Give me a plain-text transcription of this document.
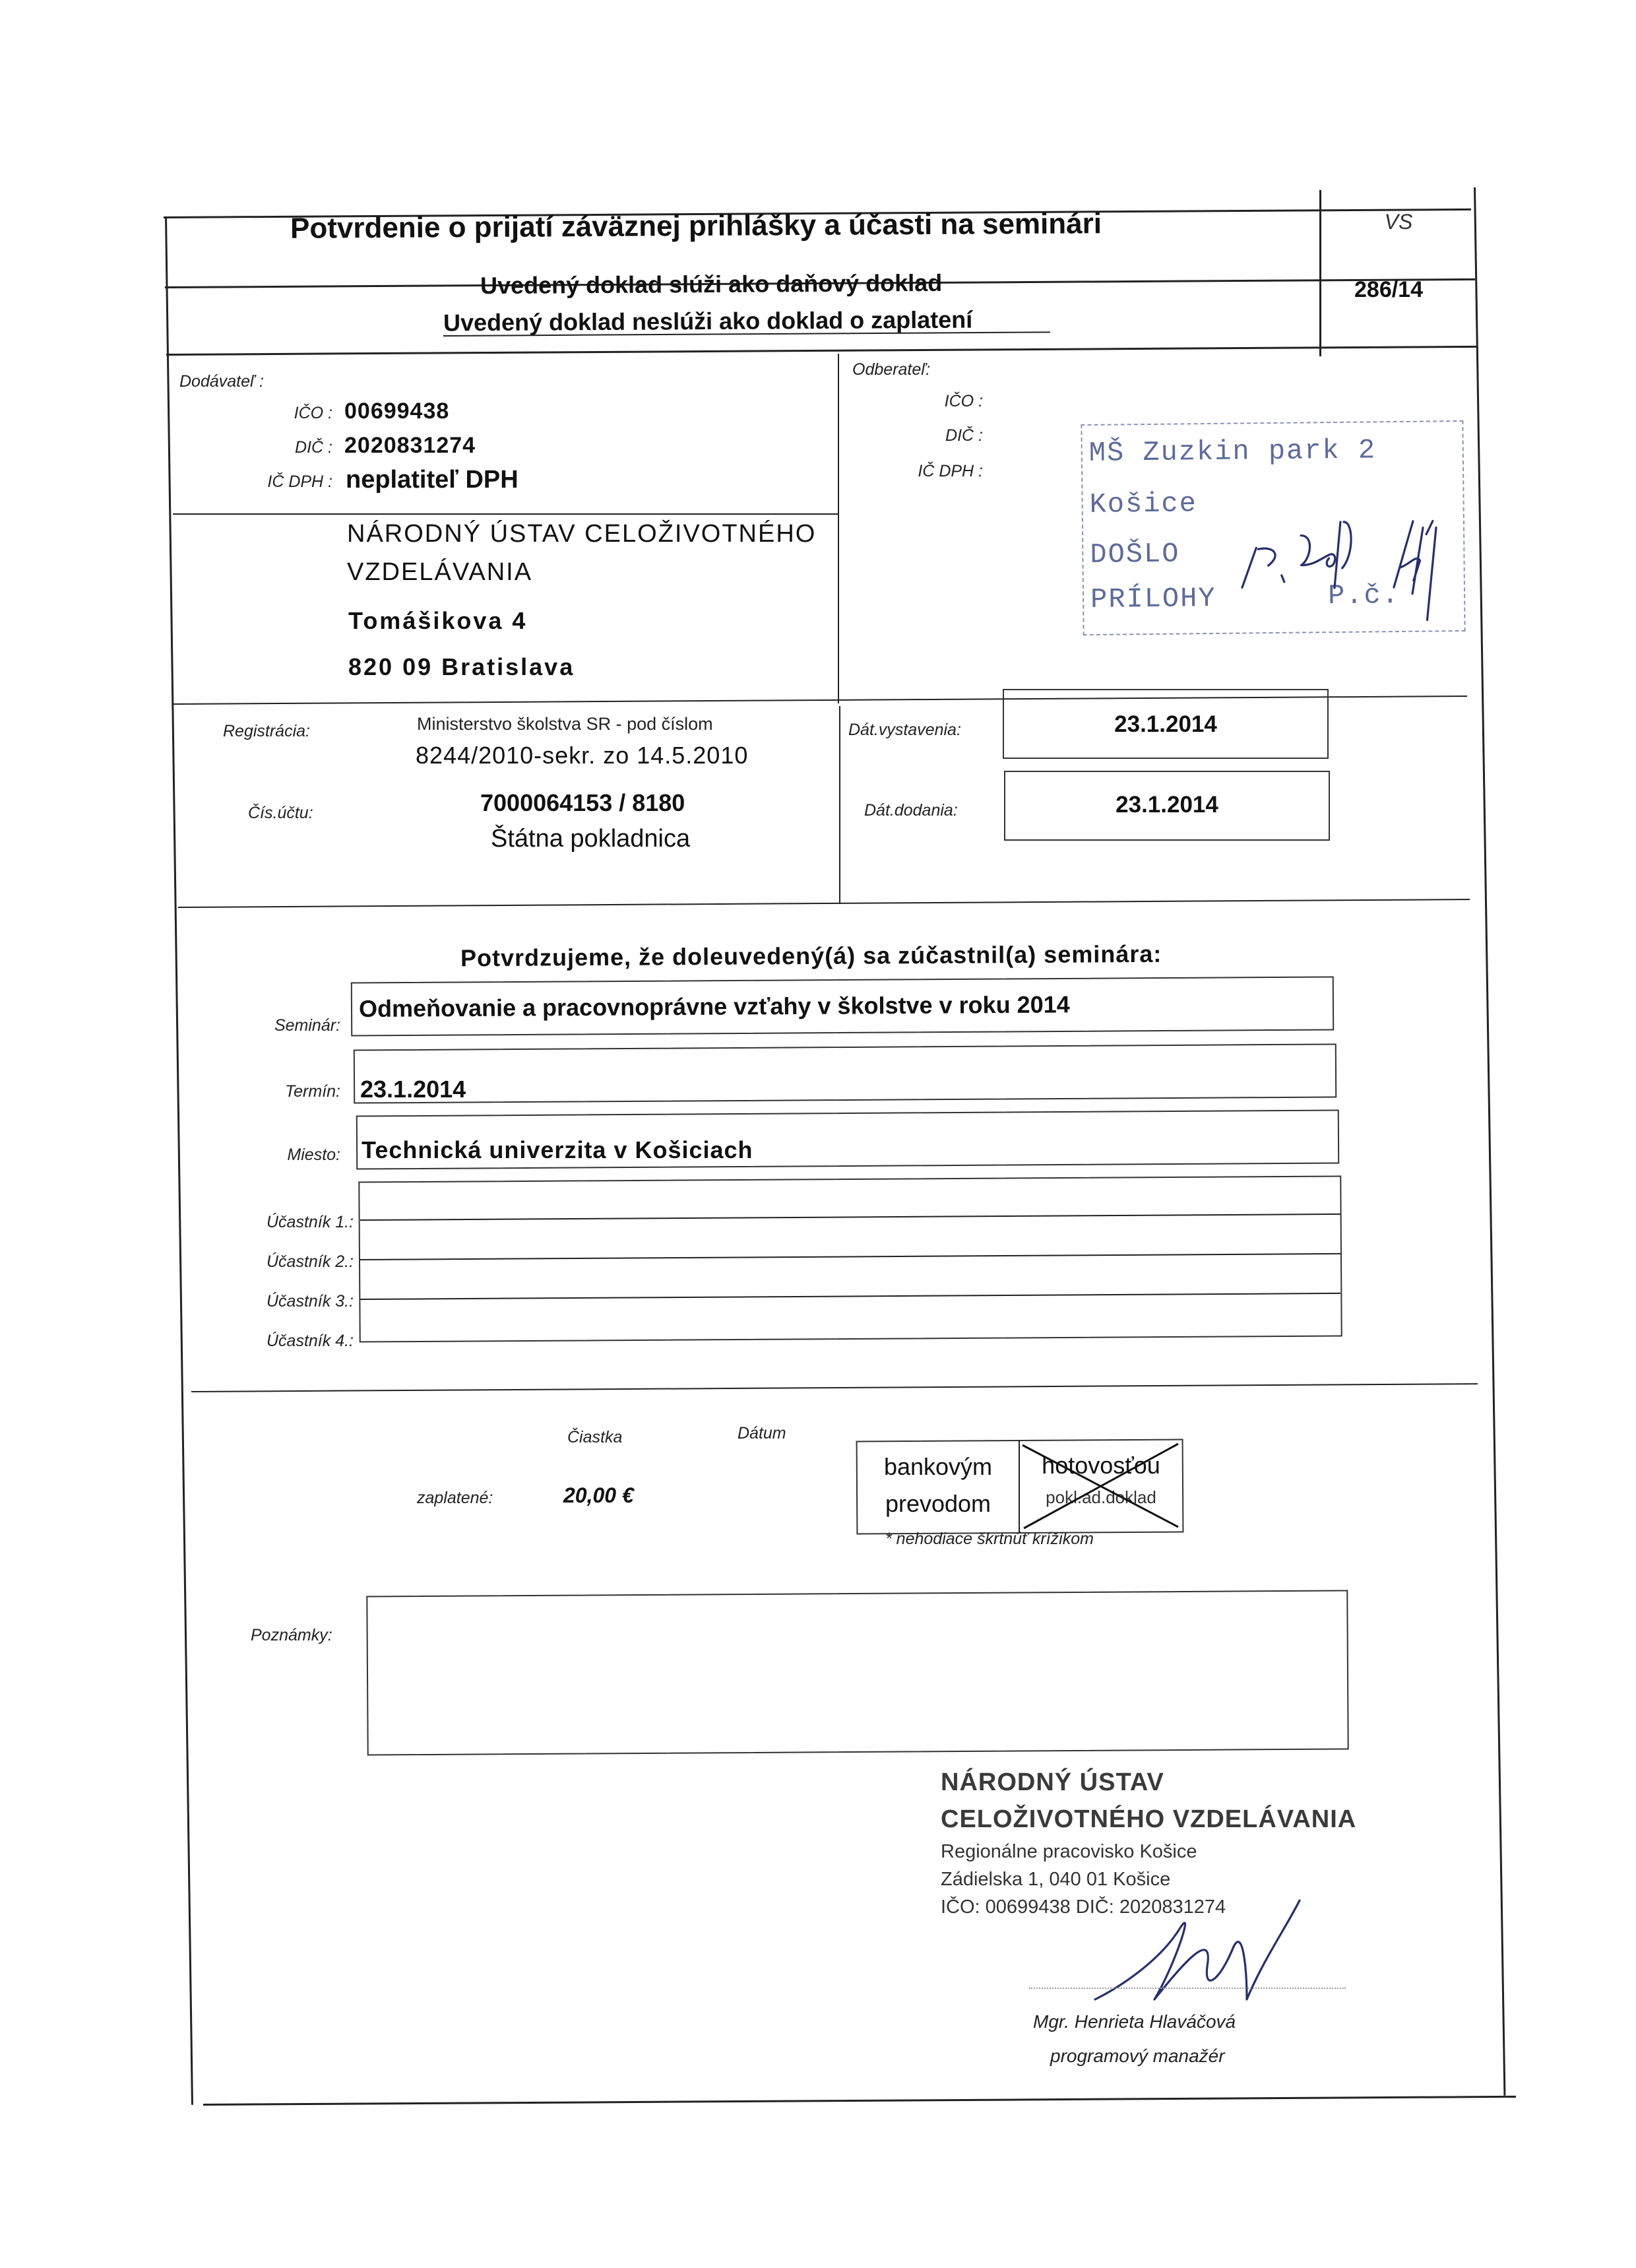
Potvrdenie o prijatí záväznej prihlášky a účasti na seminári	VS
Uvedený doklad slúži ako daňový doklad
Uvedený doklad neslúži ako doklad o zaplatení
286/14
Dodávateľ :
IČO : 00699438
DIČ : 2020831274
IČ DPH : neplatiteľ DPH
NÁRODNÝ ÚSTAV CELOŽIVOTNÉHO
VZDELÁVANIA
Tomášikova 4
820 09 Bratislava
Odberateľ:
IČO :
DIČ :
IČ DPH :
MŠ Zuzkin park 2
Košice
DOŠLO
PRÍLOHY	P.č.
Registrácia:	Ministerstvo školstva SR - pod číslom
8244/2010-sekr. zo 14.5.2010
Čís.účtu:	7000064153 / 8180
Štátna pokladnica
Dát.vystavenia:	23.1.2014
Dát.dodania:	23.1.2014
Potvrdzujeme, že doleuvedený(á) sa zúčastnil(a) seminára:
Seminár:
Odmeňovanie a pracovnoprávne vzťahy v školstve v roku 2014
Termín: 23.1.2014
Miesto: Technická univerzita v Košiciach
Účastník 1.:
Účastník 2.:
Účastník 3.:
Účastník 4.:
Čiastka	Dátum
zaplatené:	20,00 €
bankovým
prevodom
hotovosťou
pokl.ad.doklad
* nehodiace škrtnúť krížikom
Poznámky:
NÁRODNÝ ÚSTAV
CELOŽIVOTNÉHO VZDELÁVANIA
Regionálne pracovisko Košice
Zádielska 1, 040 01 Košice
IČO: 00699438 DIČ: 2020831274
Mgr. Henrieta Hlaváčová
programový manažér
